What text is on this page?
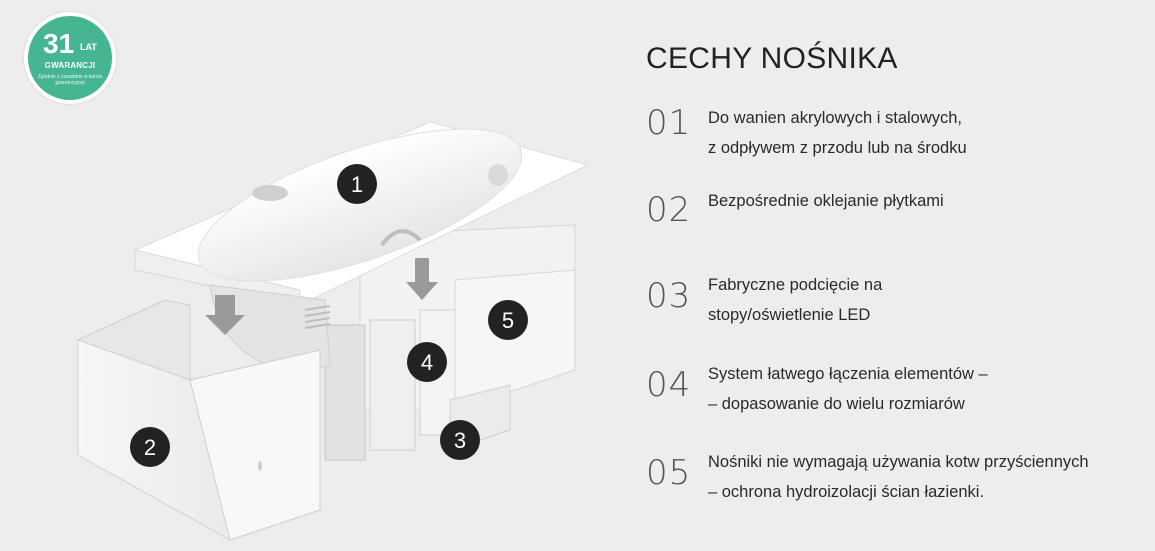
31 LAT
GWARANCJI
Zgodnie z zasadami w karcie gwarancyjnej
1
2	3
4
5
CECHY NOŚNIKA
01 Do wanien akrylowych i stalowych,
z odpływem z przodu lub na środku
02 Bezpośrednie oklejanie płytkami
03 Fabryczne podcięcie na
stopy/oświetlenie LED
04 System łatwego łączenia elementów –
– dopasowanie do wielu rozmiarów
05 Nośniki nie wymagają używania kotw przyściennych
– ochrona hydroizolacji ścian łazienki.
